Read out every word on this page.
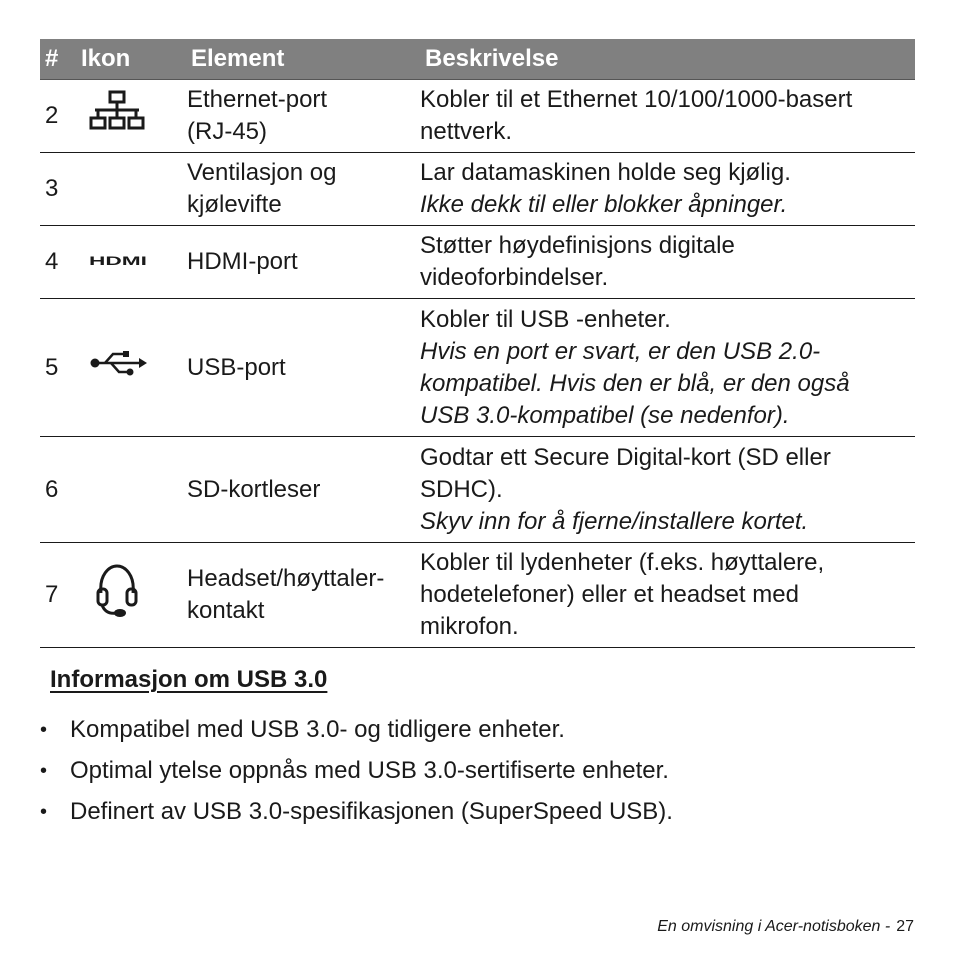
#	Ikon	Element	Beskrivelse
2		Ethernet-port
(RJ-45)	Kobler til et Ethernet 10/100/1000-basert
nettverk.

3		Ventilasjon og
kjølevifte	Lar datamaskinen holde seg kjølig.
Ikke dekk til eller blokker åpninger.

4	HDMI	HDMI-port	Støtter høydefinisjons digitale
videoforbindelser.

5		USB-port	Kobler til USB -enheter.
Hvis en port er svart, er den USB 2.0-
kompatibel. Hvis den er blå, er den også
USB 3.0-kompatibel (se nedenfor).

6		SD-kortleser	Godtar ett Secure Digital-kort (SD eller
SDHC).
Skyv inn for å fjerne/installere kortet.

7		Headset/høyttaler-
kontakt	Kobler til lydenheter (f.eks. høyttalere,
hodetelefoner) eller et headset med
mikrofon.
Informasjon om USB 3.0
• Kompatibel med USB 3.0- og tidligere enheter.
• Optimal ytelse oppnås med USB 3.0-sertifiserte enheter.
• Definert av USB 3.0-spesifikasjonen (SuperSpeed USB).
En omvisning i Acer-notisboken - 27
